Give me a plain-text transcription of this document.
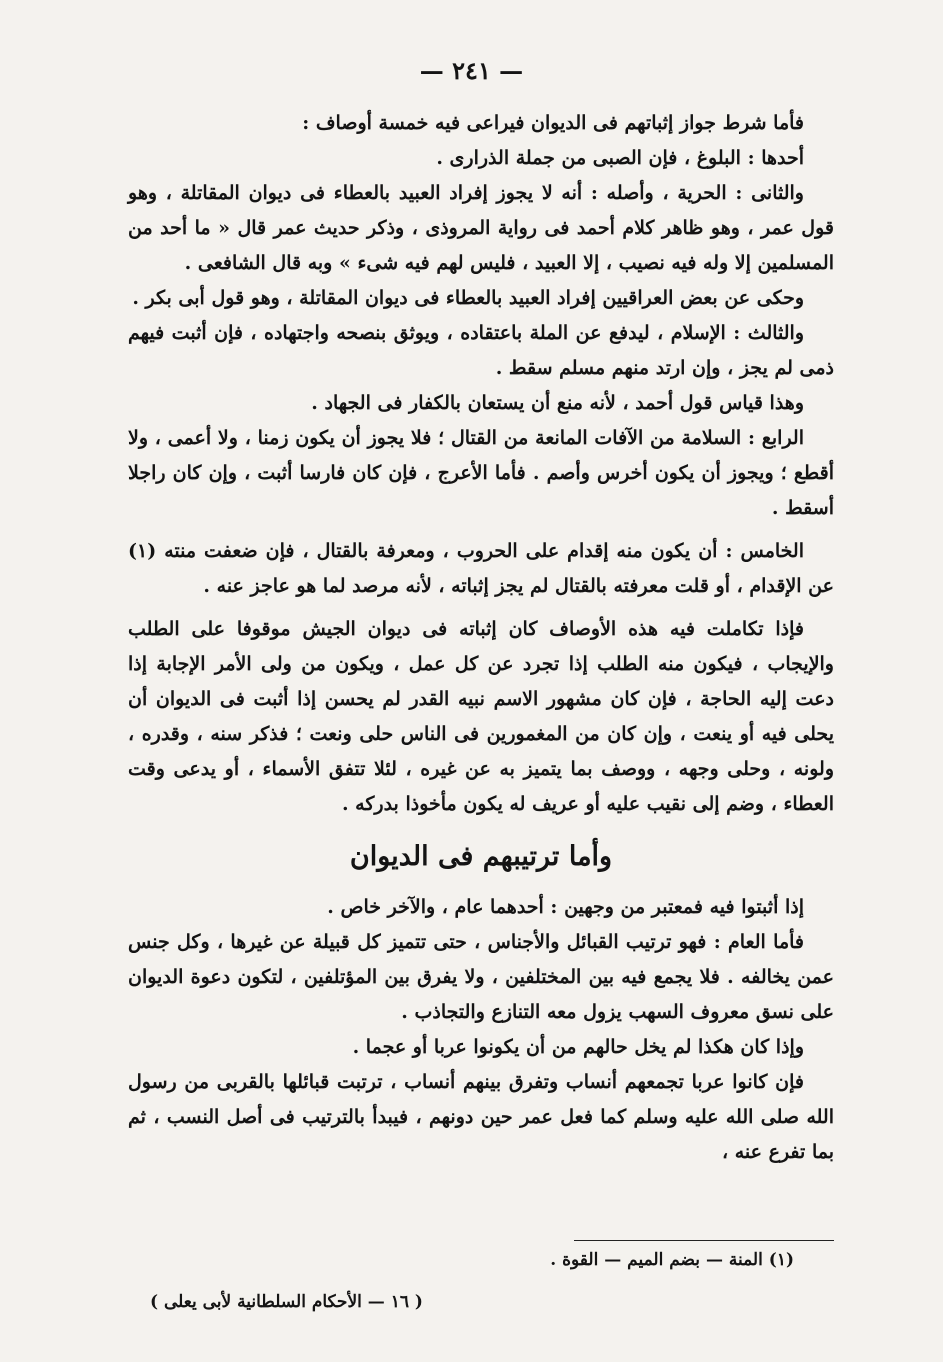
— ٢٤١ —

فأما شرط جواز إثباتهم فى الديوان فيراعى فيه خمسة أوصاف :

أحدها : البلوغ ، فإن الصبى من جملة الذرارى .

والثانى : الحرية ، وأصله : أنه لا يجوز إفراد العبيد بالعطاء فى ديوان المقاتلة ، وهو قول عمر ، وهو ظاهر كلام أحمد فى رواية المروذى ، وذكر حديث عمر قال « ما أحد من المسلمين إلا وله فيه نصيب ، إلا العبيد ، فليس لهم فيه شىء » وبه قال الشافعى .

وحكى عن بعض العراقيين إفراد العبيد بالعطاء فى ديوان المقاتلة ، وهو قول أبى بكر .

والثالث : الإسلام ، ليدفع عن الملة باعتقاده ، ويوثق بنصحه واجتهاده ، فإن أثبت فيهم ذمى لم يجز ، وإن ارتد منهم مسلم سقط .

وهذا قياس قول أحمد ، لأنه منع أن يستعان بالكفار فى الجهاد .

الرابع : السلامة من الآفات المانعة من القتال ؛ فلا يجوز أن يكون زمنا ، ولا أعمى ، ولا أقطع ؛ ويجوز أن يكون أخرس وأصم . فأما الأعرج ، فإن كان فارسا أثبت ، وإن كان راجلا أسقط .

الخامس : أن يكون منه إقدام على الحروب ، ومعرفة بالقتال ، فإن ضعفت منته (١) عن الإقدام ، أو قلت معرفته بالقتال لم يجز إثباته ، لأنه مرصد لما هو عاجز عنه .

فإذا تكاملت فيه هذه الأوصاف كان إثباته فى ديوان الجيش موقوفا على الطلب والإيجاب ، فيكون منه الطلب إذا تجرد عن كل عمل ، ويكون من ولى الأمر الإجابة إذا دعت إليه الحاجة ، فإن كان مشهور الاسم نبيه القدر لم يحسن إذا أثبت فى الديوان أن يحلى فيه أو ينعت ، وإن كان من المغمورين فى الناس حلى ونعت ؛ فذكر سنه ، وقدره ، ولونه ، وحلى وجهه ، ووصف بما يتميز به عن غيره ، لئلا تتفق الأسماء ، أو يدعى وقت العطاء ، وضم إلى نقيب عليه أو عريف له يكون مأخوذا بدركه .

وأما ترتيبهم فى الديوان

إذا أثبتوا فيه فمعتبر من وجهين : أحدهما عام ، والآخر خاص .

فأما العام : فهو ترتيب القبائل والأجناس ، حتى تتميز كل قبيلة عن غيرها ، وكل جنس عمن يخالفه . فلا يجمع فيه بين المختلفين ، ولا يفرق بين المؤتلفين ، لتكون دعوة الديوان على نسق معروف السهب يزول معه التنازع والتجاذب .

وإذا كان هكذا لم يخل حالهم من أن يكونوا عربا أو عجما .

فإن كانوا عربا تجمعهم أنساب وتفرق بينهم أنساب ، ترتبت قبائلها بالقربى من رسول الله صلى الله عليه وسلم كما فعل عمر حين دونهم ، فيبدأ بالترتيب فى أصل النسب ، ثم بما تفرع عنه ،

(١) المنة — بضم الميم — القوة .
( ١٦ — الأحكام السلطانية لأبى يعلى )
